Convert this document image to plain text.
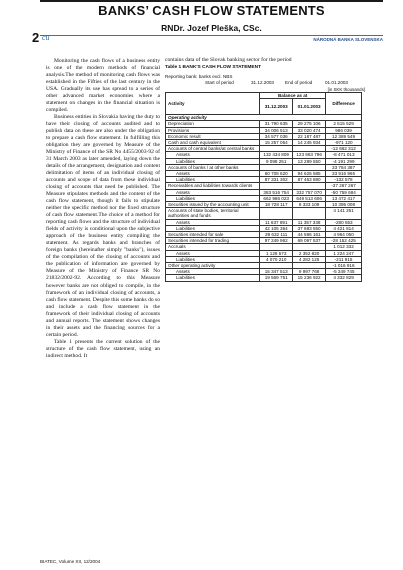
BANKS’ CASH FLOW STATEMENTS
RNDr. Jozef Pleška, CSc.
NÁRODNÁ BANKA SLOVENSKA
2 cu

Monitoring the cash flows of a business entity is one of the modern methods of financial analysis.The method of monitoring cash flows was established in the Fifties of the last century in the USA. Gradually its use has spread to a series of other advanced market economies where a statement on changes in the financial situation is compiled.

Business entities in Slovakia having the duty to have their closing of accounts audited and to publish data on these are also under the obligation to prepare a cash flow statement. In fulfilling this obligation they are governed by Measure of the Ministry of Finance of the SR No 4455/2003-92 of 31 March 2003 as later amended, laying down the details of the arrangement, designation and content delimitation of items of an individual closing of accounts and scope of data from these individual closing of accounts that need be published. The Measure stipulates methods and the content of the cash flow statement, though it fails to stipulate neither the specific method nor the fixed structure of cash flow statement.The choice of a method for reporting cash flows and the structure of individual fields of activity is conditional upon the subjective approach of the business entity compiling the statement. As regards banks and branches of foreign banks (hereinafter simply "banks"), issues of the compilation of the closing of accounts and the publication of information are governed by Measure of the Ministry of Finance SR No 21832/2002-92. According to this Measure however banks are not obliged to compile, in the framework of an individual closing of accounts, a cash flow statement. Despite this some banks do so and include a cash flow statement in the framework of their individual closing of accounts and annual reports. The statement shows changes in their assets and the financing sources for a certain period.

Table 1 presents the current solution of the structure of the cash flow statement, using an indirect method. It

contains data of the Slovak banking sector for the period
Table 1 BANK'S CASH FLOW STATEMENT
Reporting bank: banks excl. NBS
Start of period	31.12.2003 End of period	01.01.2003
[in SKK thousands]
Activity	Balance as at		Difference
	31.12.2003	01.01.2003	
Operating activity			
Depreciation	31 790 635	29 275 106	2 515 529
Provisions	34 006 513	33 020 474	986 039
Economic result	34 577 036	22 187 487	12 389 549
Cash and cash equivalent	15 257 054	14 245 934	-971 120
Accounts of central banks/at central banks			-12 662 312
Assets	132 434 809	123 963 796	-8 471 013
Liabilities	9 098 251	13 289 550	-4 191 299
Accounts of banks / at other banks			33 784 387
Assets	60 708 620	94 625 585	33 916 965
Liabilities	87 331 302	87 463 880	-132 578
Receivables and liabilities towards clients			-37 267 267
Assets	383 516 754	332 757 070	-50 759 684
Liabilities	662 986 023	649 513 606	13 472 417
Securities issued by the accounting unit	18 728 117	8 333 109	10 395 008
Accounts of state bodies, territorial authorities and funds			4 141 261
Assets	11 637 891	11 357 338	-280 553
Liabilities	42 105 364	37 683 550	4 421 814
Securities intended for sale	39 632 111	44 596 161	4 964 050
Securities intended for trading	97 249 962	69 097 537	-28 152 425
Accruals			1 012 332
Assets	1 128 573	2 352 820	1 224 247
Liabilities	4 070 210	4 282 125	-211 915
Other operating activity			-1 016 916
Assets	15 347 513	9 997 768	-5 349 745
Liabilities	19 569 751	15 236 922	4 332 829
BIATEC, Volume XII, 12/2004
